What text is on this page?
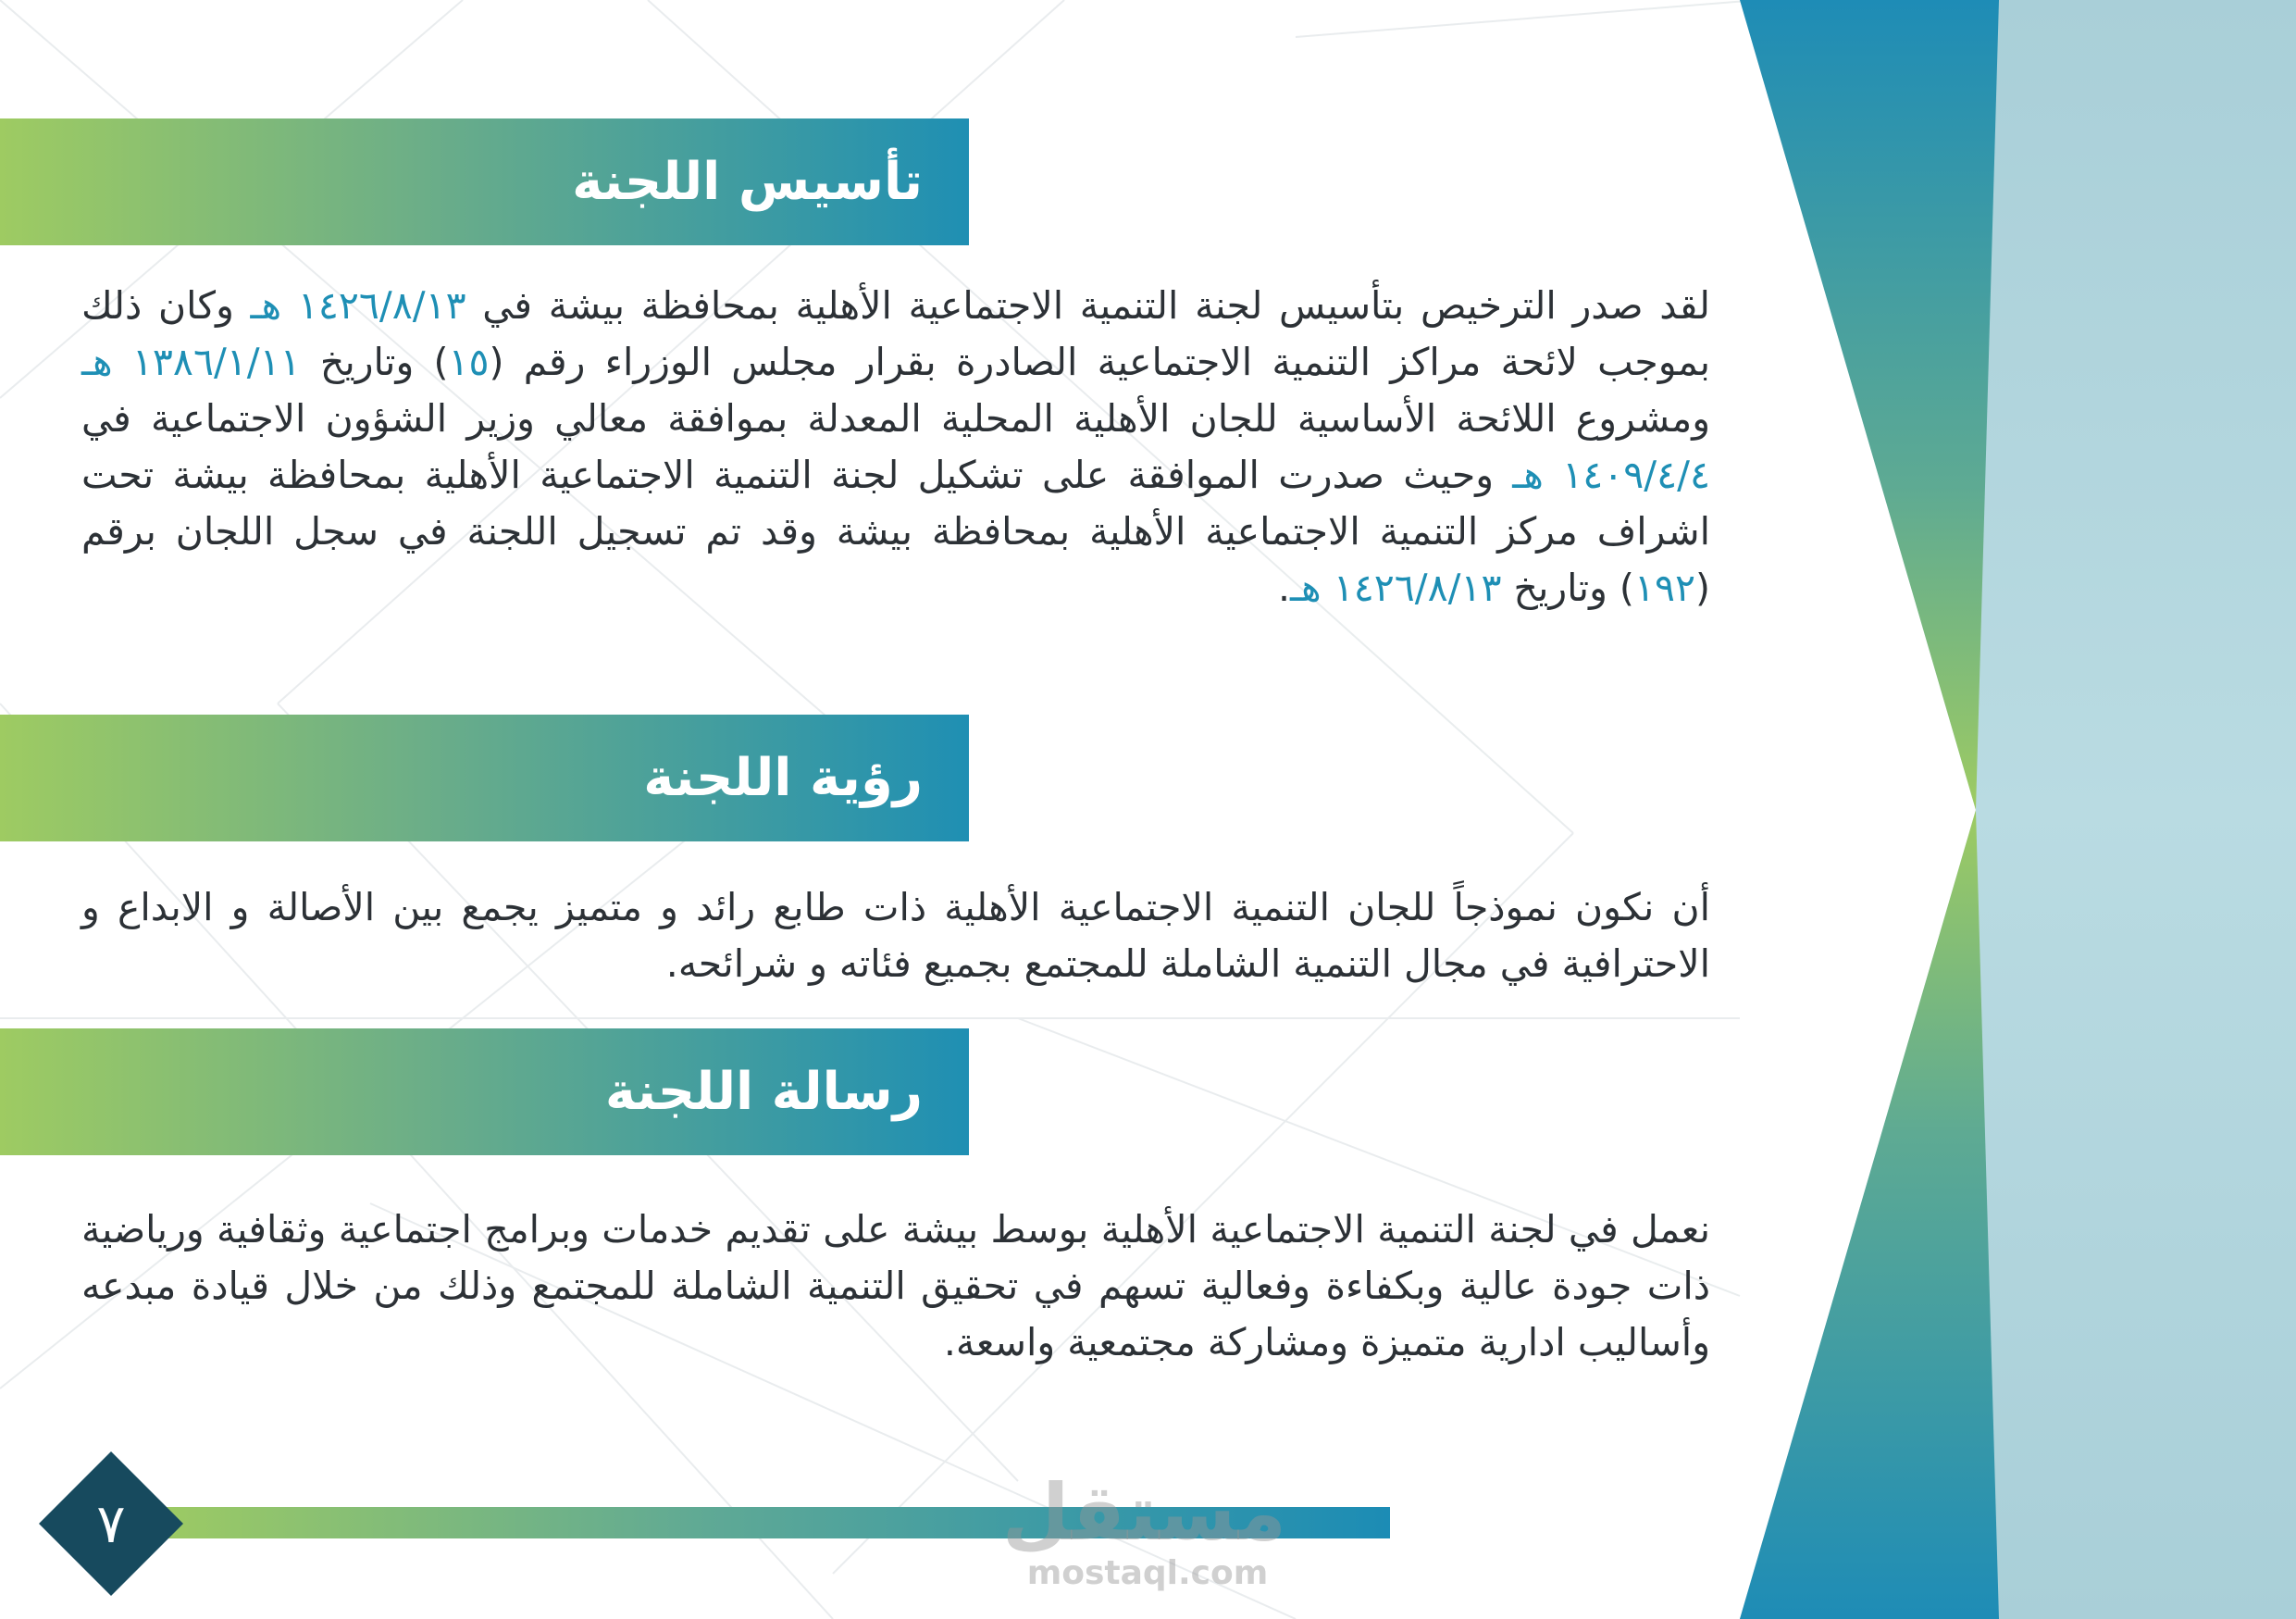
تأسيس اللجنة
لقد صدر الترخيص بتأسيس لجنة التنمية الاجتماعية الأهلية بمحافظة بيشة في ١٤٢٦/٨/١٣ هـ وكان ذلك بموجب لائحة مراكز التنمية الاجتماعية الصادرة بقرار مجلس الوزراء رقم (١٥) وتاريخ ١٣٨٦/١/١١ هـ ومشروع اللائحة الأساسية للجان الأهلية المحلية المعدلة بموافقة معالي وزير الشؤون الاجتماعية في ١٤٠٩/٤/٤ هـ وحيث صدرت الموافقة على تشكيل لجنة التنمية الاجتماعية الأهلية بمحافظة بيشة تحت اشراف مركز التنمية الاجتماعية الأهلية بمحافظة بيشة وقد تم تسجيل اللجنة في سجل اللجان برقم (١٩٢) وتاريخ ١٤٢٦/٨/١٣ هـ.
رؤية اللجنة
أن نكون نموذجاً للجان التنمية الاجتماعية الأهلية ذات طابع رائد و متميز يجمع بين الأصالة و الابداع و الاحترافية في مجال التنمية الشاملة للمجتمع بجميع فئاته و شرائحه.
رسالة اللجنة
نعمل في لجنة التنمية الاجتماعية الأهلية بوسط بيشة على تقديم خدمات وبرامج اجتماعية وثقافية ورياضية ذات جودة عالية وبكفاءة وفعالية تسهم في تحقيق التنمية الشاملة للمجتمع وذلك من خلال قيادة مبدعه وأساليب ادارية متميزة ومشاركة مجتمعية واسعة.
٧	مستقل
mostaql.com
